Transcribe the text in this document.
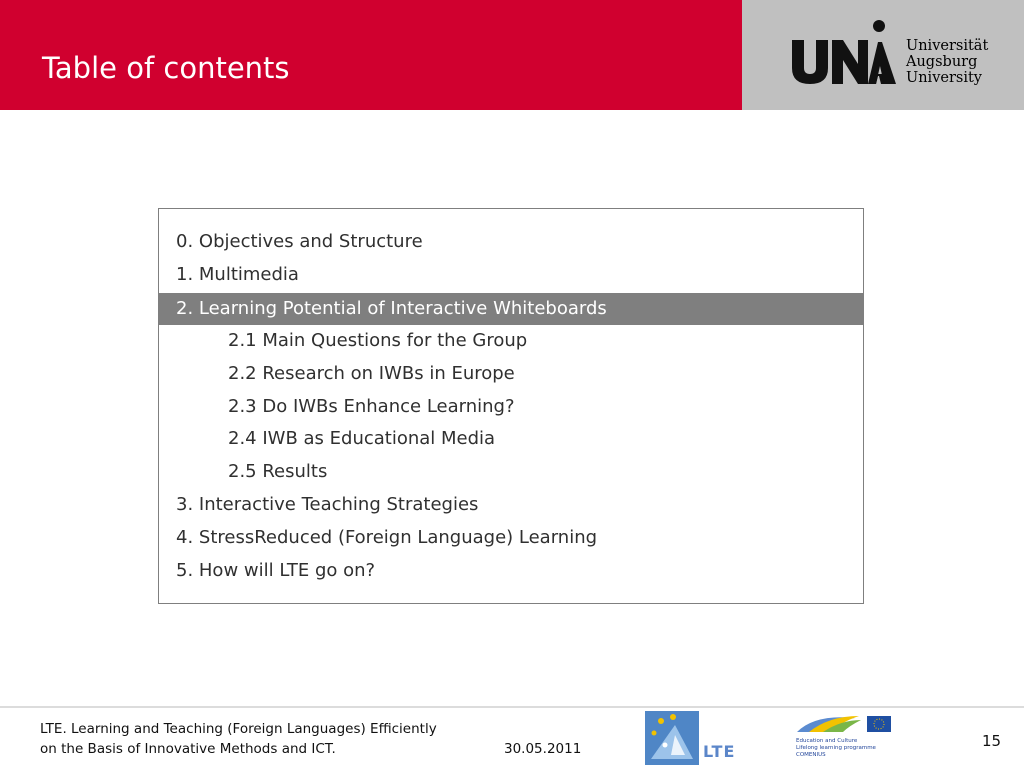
Table of contents
Universität
Augsburg
University
0. Objectives and Structure
1. Multimedia
2. Learning Potential of Interactive Whiteboards
2.1 Main Questions for the Group
2.2 Research on IWBs in Europe
2.3 Do IWBs Enhance Learning?
2.4 IWB as Educational Media
2.5 Results
3. Interactive Teaching Strategies
4. StressReduced (Foreign Language) Learning
5. How will LTE go on?
LTE. Learning and Teaching (Foreign Languages) Efficiently
on the Basis of Innovative Methods and ICT.	30.05.2011	LTE
Education and Culture
Lifelong learning programme
COMENIUS
15
